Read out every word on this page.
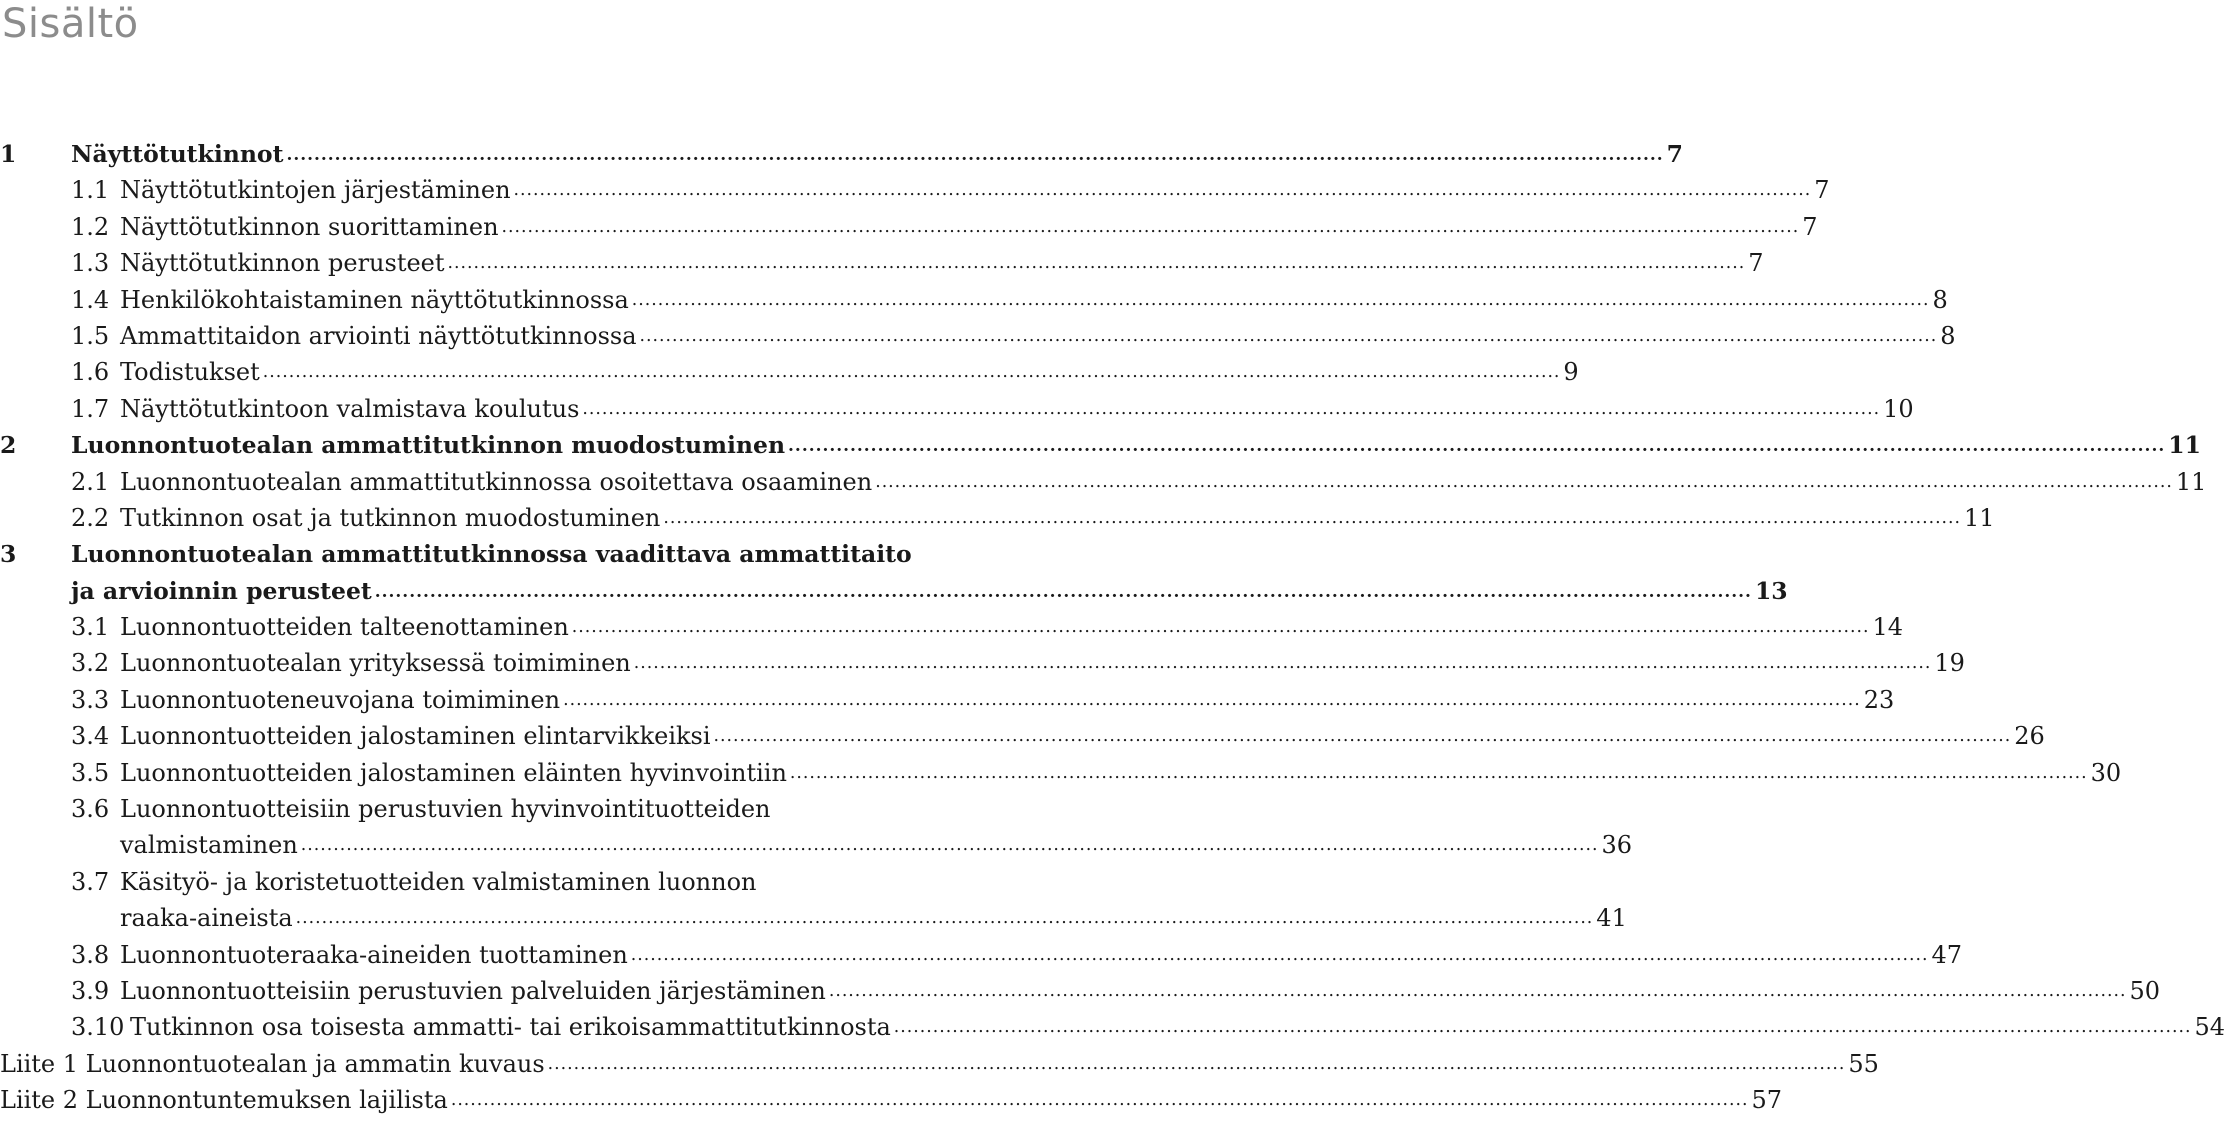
Sisältö
1 Näyttötutkinnot ........................................................................................................................................................................................................ 7
1.1 Näyttötutkintojen järjestäminen ........................................................................................................................................................................................................ 7
1.2 Näyttötutkinnon suorittaminen ........................................................................................................................................................................................................ 7
1.3 Näyttötutkinnon perusteet ........................................................................................................................................................................................................ 7
1.4 Henkilökohtaistaminen näyttötutkinnossa ........................................................................................................................................................................................................ 8
1.5 Ammattitaidon arviointi näyttötutkinnossa ........................................................................................................................................................................................................ 8
1.6 Todistukset ........................................................................................................................................................................................................ 9
1.7 Näyttötutkintoon valmistava koulutus ........................................................................................................................................................................................................ 10
2 Luonnontuotealan ammattitutkinnon muodostuminen ........................................................................................................................................................................................................ 11
2.1 Luonnontuotealan ammattitutkinnossa osoitettava osaaminen ........................................................................................................................................................................................................ 11
2.2 Tutkinnon osat ja tutkinnon muodostuminen ........................................................................................................................................................................................................ 11
3 Luonnontuotealan ammattitutkinnossa vaadittava ammattitaito
ja arvioinnin perusteet ........................................................................................................................................................................................................ 13
3.1 Luonnontuotteiden talteenottaminen ........................................................................................................................................................................................................ 14
3.2 Luonnontuotealan yrityksessä toimiminen ........................................................................................................................................................................................................ 19
3.3 Luonnontuoteneuvojana toimiminen ........................................................................................................................................................................................................ 23
3.4 Luonnontuotteiden jalostaminen elintarvikkeiksi ........................................................................................................................................................................................................ 26
3.5 Luonnontuotteiden jalostaminen eläinten hyvinvointiin ........................................................................................................................................................................................................ 30
3.6 Luonnontuotteisiin perustuvien hyvinvointituotteiden
valmistaminen ........................................................................................................................................................................................................ 36
3.7 Käsityö- ja koristetuotteiden valmistaminen luonnon
raaka-aineista ........................................................................................................................................................................................................ 41
3.8 Luonnontuoteraaka-aineiden tuottaminen ........................................................................................................................................................................................................ 47
3.9 Luonnontuotteisiin perustuvien palveluiden järjestäminen ........................................................................................................................................................................................................ 50
3.10 Tutkinnon osa toisesta ammatti- tai erikoisammattitutkinnosta ........................................................................................................................................................................................................ 54
Liite 1 Luonnontuotealan ja ammatin kuvaus ........................................................................................................................................................................................................ 55
Liite 2 Luonnontuntemuksen lajilista ........................................................................................................................................................................................................ 57
